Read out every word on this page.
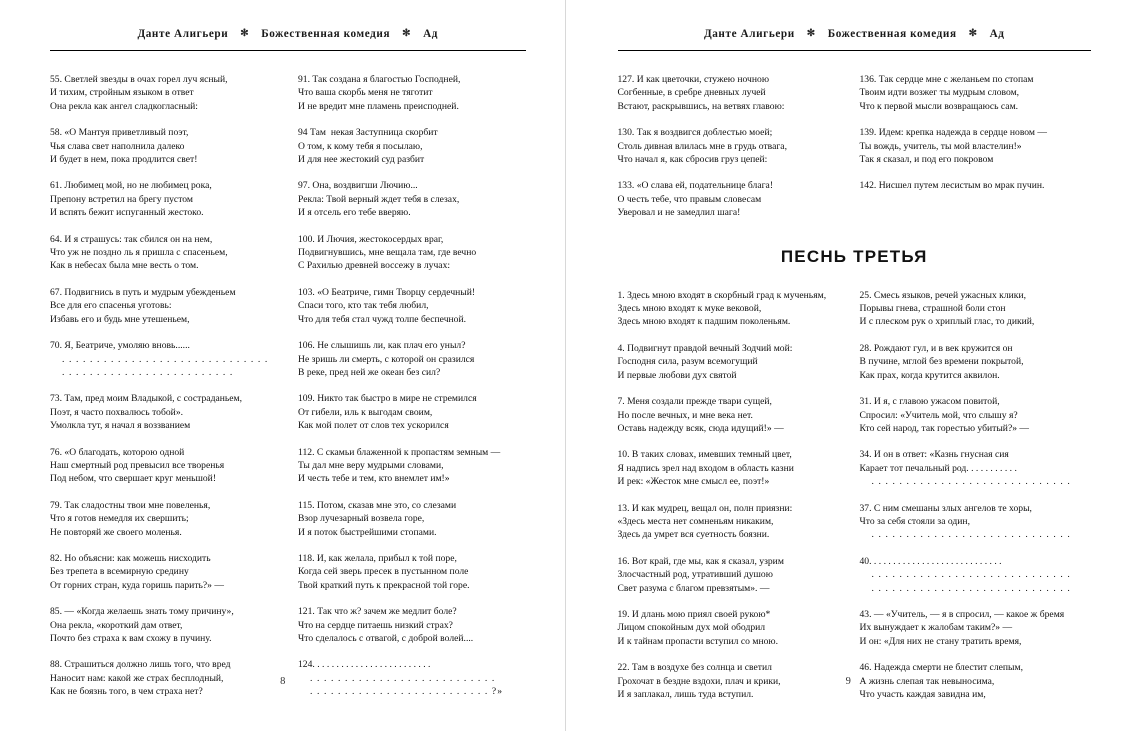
Данте Алигьери ✻ Божественная комедия ✻ Ад
55. Светлей звезды в очах горел луч ясный,
И тихим, стройным языком в ответ
Она рекла как ангел сладкогласный:
58. «О Мантуя приветливый поэт,
Чья слава свет наполнила далеко
И будет в нем, пока продлится свет!
61. Любимец мой, но не любимец рока,
Препону встретил на брегу пустом
И вспять бежит испуганный жестоко.
64. И я страшусь: так сбился он на нем,
Что уж не поздно ль я пришла с спасеньем,
Как в небесах была мне весть о том.
67. Подвигнись в путь и мудрым убежденьем
Все для его спасенья уготовь:
Избавь его и будь мне утешеньем,
70. Я, Беатриче, умоляю вновь......
. . . . . . . . . . . . . . . . . . . . . . . . . . . . . .
. . . . . . . . . . . . . . . . . . . . . . . . .
73. Там, пред моим Владыкой, с состраданьем,
Поэт, я часто похвалюсь тобой».
Умолкла тут, я начал я воззванием
76. «О благодать, которою одной
Наш смертный род превысил все творенья
Под небом, что свершает круг меньшой!
79. Так сладостны твои мне повеленья,
Что я готов немедля их свершить;
Не повторяй же своего моленья.
82. Но объясни: как можешь нисходить
Без трепета в всемирную средину
От горних стран, куда горишь парить?» —
85. — «Когда желаешь знать тому причину»,
Она рекла, «короткий дам ответ,
Почто без страха к вам схожу в пучину.
88. Страшиться должно лишь того, что вред
Наносит нам: какой же страх бесплодный,
Как не боязнь того, в чем страха нет?
91. Так создана я благостью Господней,
Что ваша скорбь меня не тяготит
И не вредит мне пламень преисподней.
94 Там  некая Заступница скорбит
О том, к кому тебя я посылаю,
И для нее жестокий суд разбит
97. Она, воздвигши Лючию...
Рекла: Твой верный ждет тебя в слезах,
И я отсель его тебе вверяю.
100. И Лючия, жестокосердых враг,
Подвигнувшись, мне вещала там, где вечно
С Рахилью древней воссежу в лучах:
103. «О Беатриче, гимн Творцу сердечный!
Спаси того, кто так тебя любил,
Что для тебя стал чужд толпе беспечной.
106. Не слышишь ли, как плач его уныл?
Не зришь ли смерть, с которой он сразился
В реке, пред ней же океан без сил?
109. Никто так быстро в мире не стремился
От гибели, иль к выгодам своим,
Как мой полет от слов тех ускорился
112. С скамьи блаженной к пропастям земным —
Ты дал мне веру мудрыми словами,
И честь тебе и тем, кто внемлет им!»
115. Потом, сказав мне это, со слезами
Взор лучезарный возвела горе,
И я поток быстрейшими стопами.
118. И, как желала, прибыл к той поре,
Когда сей зверь пресек в пустынном поле
Твой краткий путь к прекрасной той горе.
121. Так что ж? зачем же медлит боле?
Что на сердце питаешь низкий страх?
Что сделалось с отвагой, с доброй волей....
124. . . . . . . . . . . . . . . . . . . . . . . . .
. . . . . . . . . . . . . . . . . . . . . . . . . . .
. . . . . . . . . . . . . . . . . . . . . . . . . . ?»
8
Данте Алигьери ✻ Божественная комедия ✻ Ад
127. И как цветочки, стужею ночною
Согбенные, в сребре дневных лучей
Встают, раскрывшись, на ветвях главою:
130. Так я воздвигся доблестью моей;
Столь дивная влилась мне в грудь отвага,
Что начал я, как сбросив груз цепей:
133. «О слава ей, подательнице блага!
О честь тебе, что правым словесам
Уверовал и не замедлил шага!
136. Так сердце мне с желаньем по стопам
Твоим идти возжег ты мудрым словом,
Что к первой мысли возвращаюсь сам.
139. Идем: крепка надежда в сердце новом —
Ты вождь, учитель, ты мой властелин!»
Так я сказал, и под его покровом
142. Нисшел путем лесистым во мрак пучин.
ПЕСНЬ ТРЕТЬЯ
1. Здесь мною входят в скорбный град к мученьям,
Здесь мною входят к муке вековой,
Здесь мною входят к падшим поколеньям.
4. Подвигнут правдой вечный Зодчий мой:
Господня сила, разум всемогущий
И первые любови дух святой
7. Меня создали прежде твари сущей,
Но после вечных, и мне века нет.
Оставь надежду всяк, сюда идущий!» —
10. В таких словах, имевших темный цвет,
Я надпись зрел над входом в область казни
И рек: «Жесток мне смысл ее, поэт!»
13. И как мудрец, вещал он, полн приязни:
«Здесь места нет сомненьям никаким,
Здесь да умрет вся суетность боязни.
16. Вот край, где мы, как я сказал, узрим
Злосчастный род, утративший душою
Свет разума с благом превзятым». —
19. И длань мою приял своей рукою*
Лицом спокойным дух мой ободрил
И к тайнам пропасти вступил со мною.
22. Там в воздухе без солнца и светил
Грохочат в бездне вздохи, плач и крики,
И я заплакал, лишь туда вступил.
25. Смесь языков, речей ужасных клики,
Порывы гнева, страшной боли стон
И с плеском рук о хриплый глас, то дикий,
28. Рождают гул, и в век кружится он
В пучине, мглой без времени покрытой,
Как прах, когда крутится аквилон.
31. И я, с главою ужасом повитой,
Спросил: «Учитель мой, что слышу я?
Кто сей народ, так горестью убитый?» —
34. И он в ответ: «Казнь гнусная сия
Карает тот печальный род. . . . . . . . . . .
. . . . . . . . . . . . . . . . . . . . . . . . . . . . .
37. С ним смешаны злых ангелов те хоры,
Что за себя стояли за один,
. . . . . . . . . . . . . . . . . . . . . . . . . . . . .
40. . . . . . . . . . . . . . . . . . . . . . . . . . . .
. . . . . . . . . . . . . . . . . . . . . . . . . . . . .
. . . . . . . . . . . . . . . . . . . . . . . . . . . . .
43. — «Учитель, — я в спросил, — какое ж бремя
Их вынуждает к жалобам таким?» —
И он: «Для них не стану тратить время,
46. Надежда смерти не блестит слепым,
А жизнь слепая так невыносима,
Что участь каждая завидна им,
9
